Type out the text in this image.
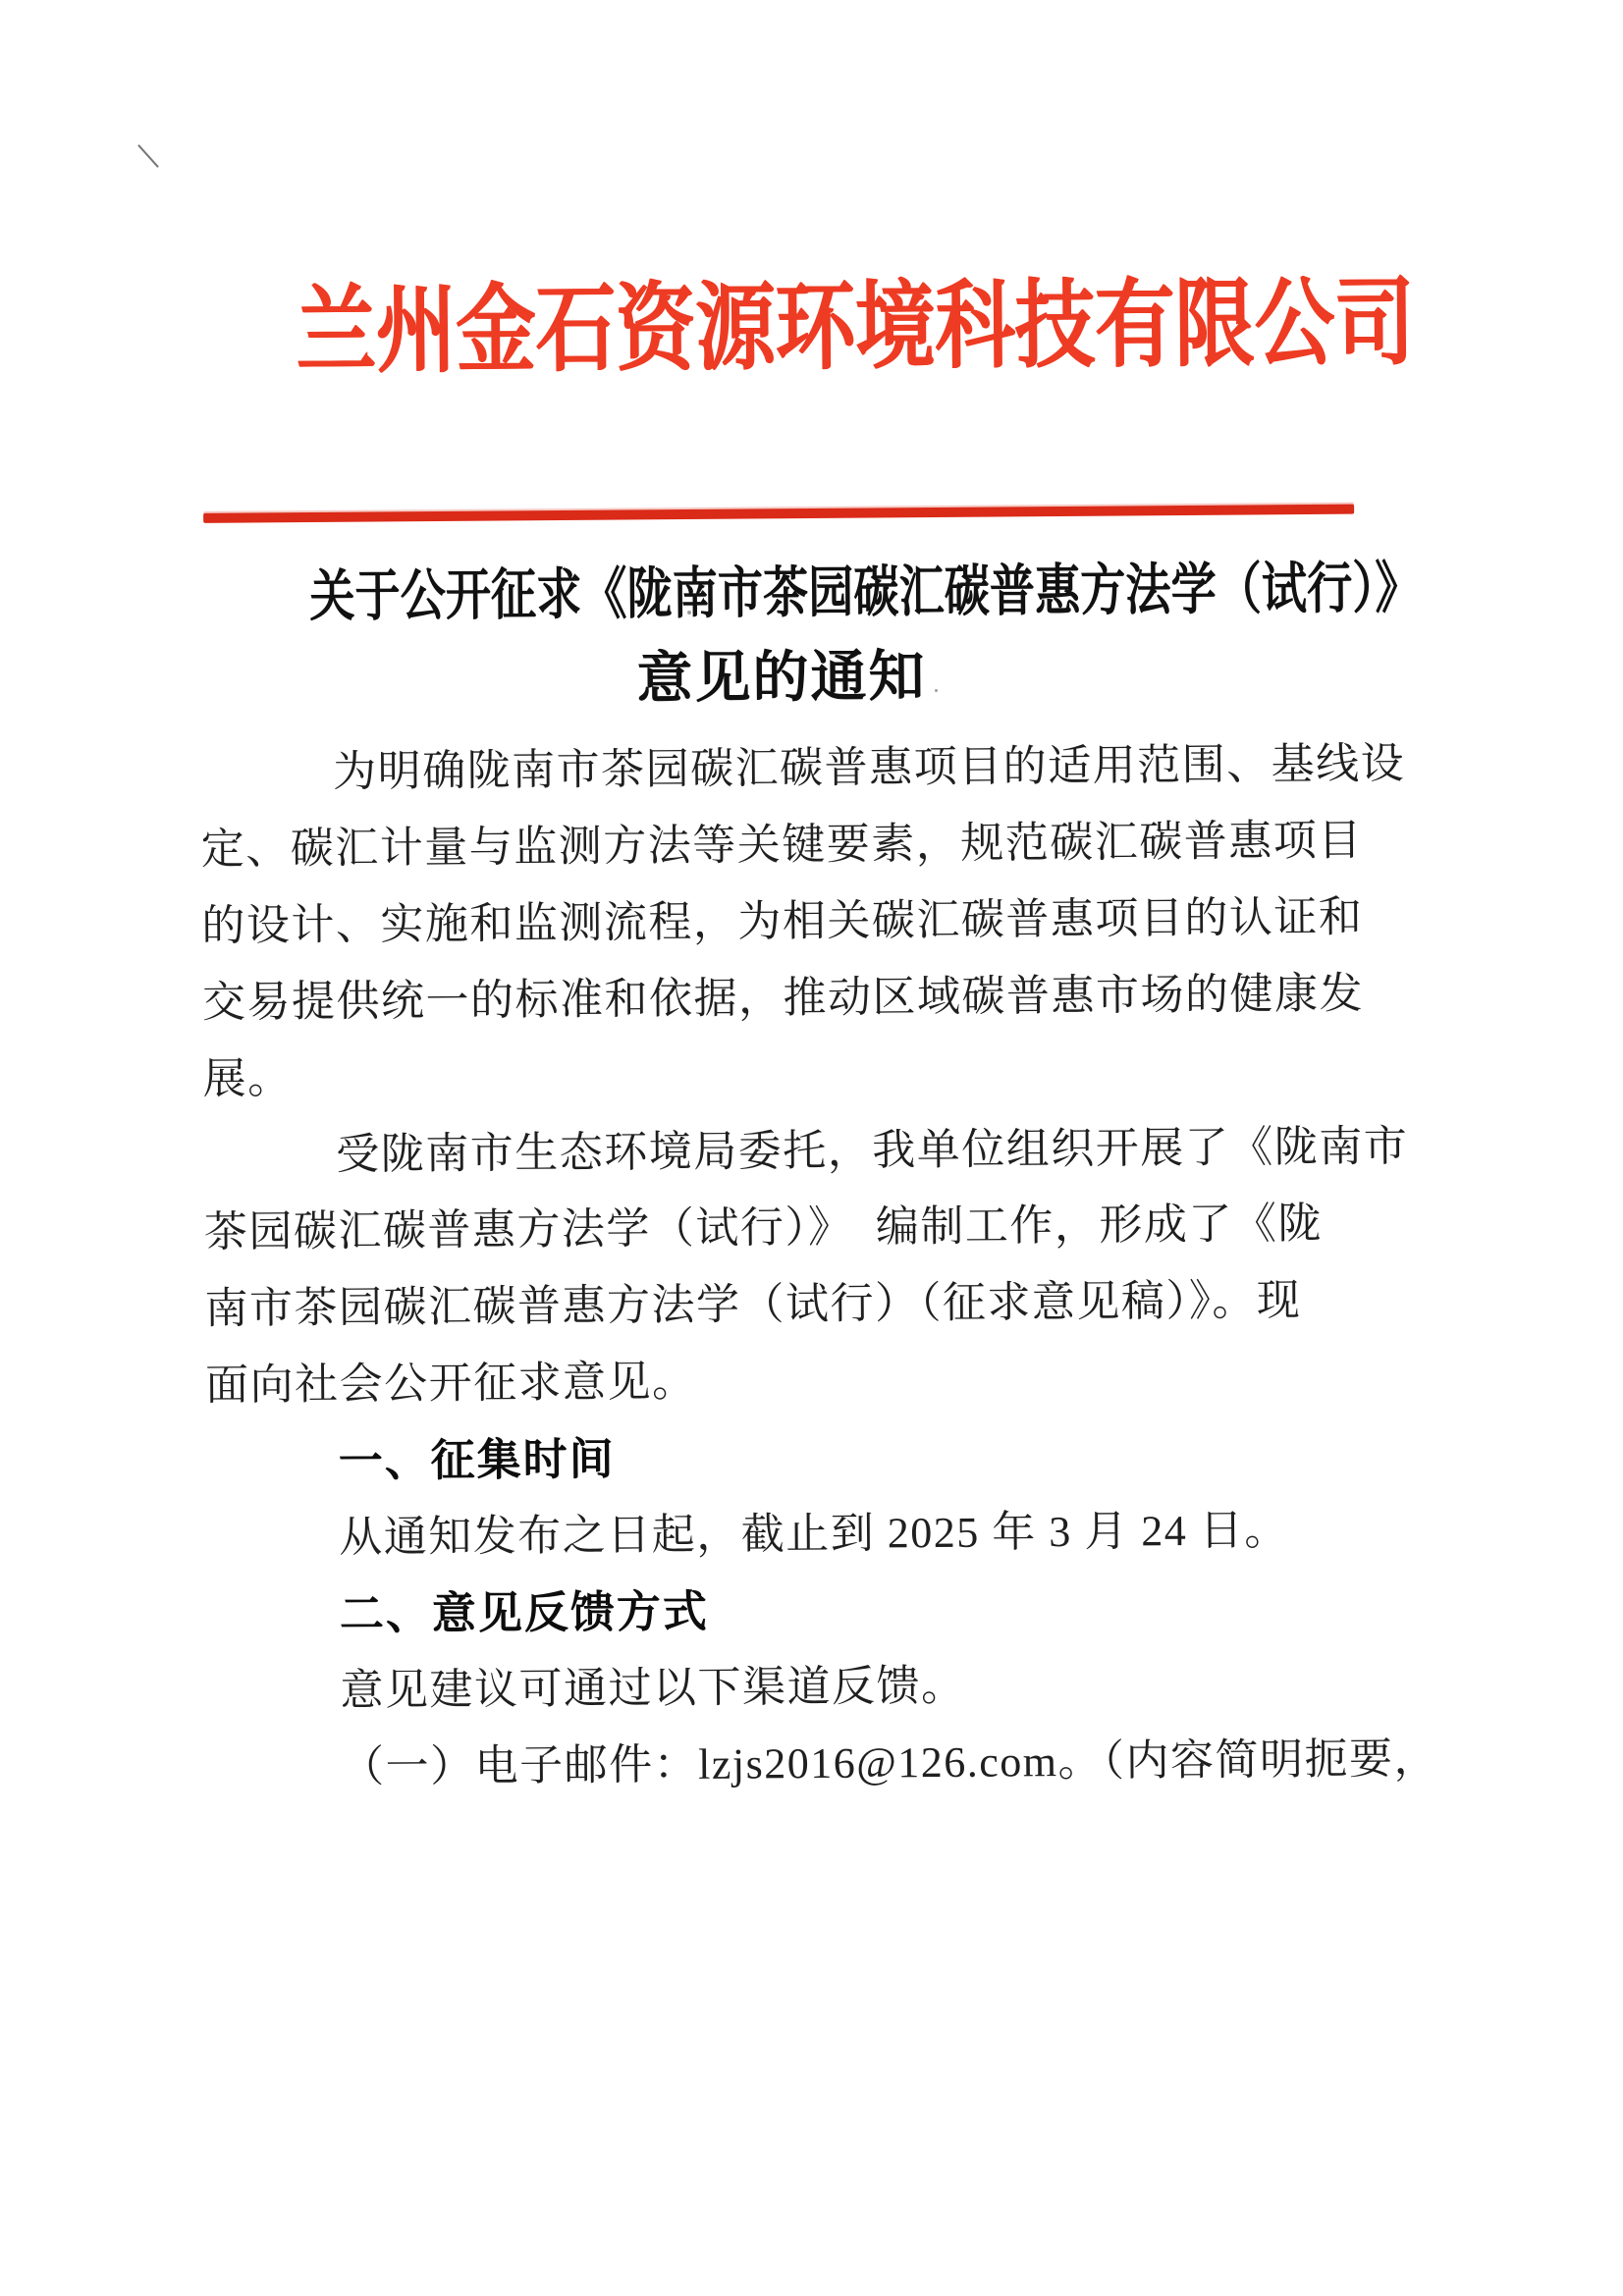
兰州金石资源环境科技有限公司
关于公开征求《陇南市茶园碳汇碳普惠方法学（试行）》
意见的通知
为明确陇南市茶园碳汇碳普惠项目的适用范围、基线设
定、碳汇计量与监测方法等关键要素，规范碳汇碳普惠项目
的设计、实施和监测流程，为相关碳汇碳普惠项目的认证和
交易提供统一的标准和依据，推动区域碳普惠市场的健康发
展。
受陇南市生态环境局委托，我单位组织开展了《陇南市
茶园碳汇碳普惠方法学（试行）》　编制工作，形成了《陇
南市茶园碳汇碳普惠方法学（试行）（征求意见稿）》。现
面向社会公开征求意见。
一、征集时间
从通知发布之日起，截止到 2025 年 3 月 24 日。
二、意见反馈方式
意见建议可通过以下渠道反馈。
（一）电子邮件：lzjs2016@126.com。（内容简明扼要，
